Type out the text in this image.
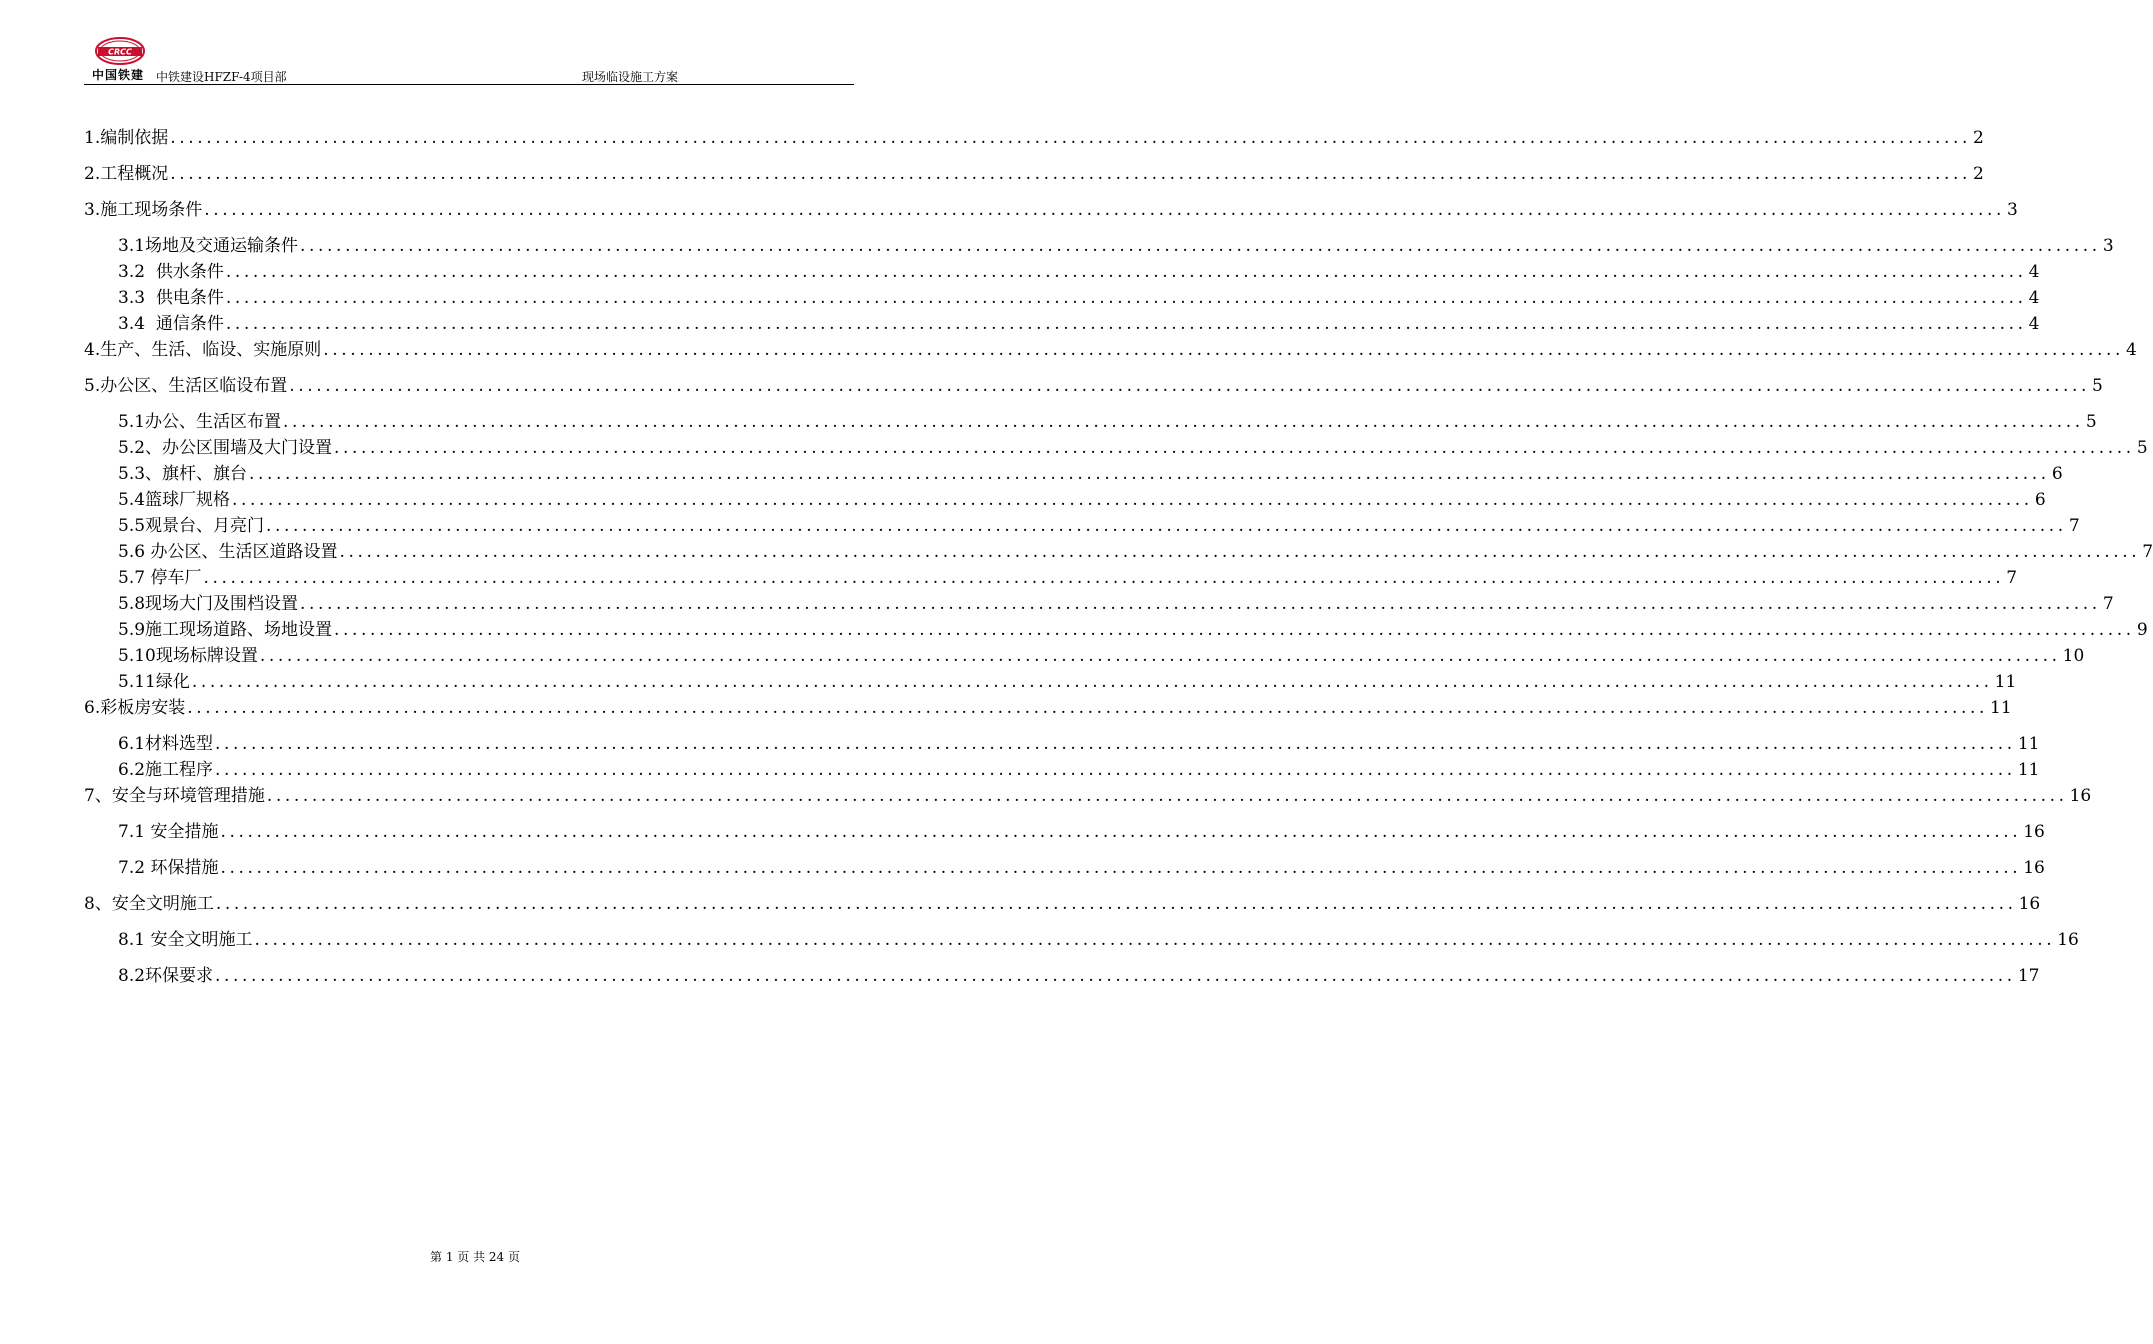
CRCC
中国铁建 中铁建设HFZF-4项目部	现场临设施工方案
1.编制依据 ........................................................................................................................................................................................................ 2
2.工程概况 ........................................................................................................................................................................................................ 2
3.施工现场条件 ........................................................................................................................................................................................................ 3
3.1场地及交通运输条件 ........................................................................................................................................................................................................ 3
3.2  供水条件 ........................................................................................................................................................................................................ 4
3.3  供电条件 ........................................................................................................................................................................................................ 4
3.4  通信条件 ........................................................................................................................................................................................................ 4
4.生产、生活、临设、实施原则 ........................................................................................................................................................................................................ 4
5.办公区、生活区临设布置 ........................................................................................................................................................................................................ 5
5.1办公、生活区布置 ........................................................................................................................................................................................................ 5
5.2、办公区围墙及大门设置 ........................................................................................................................................................................................................ 5
5.3、旗杆、旗台 ........................................................................................................................................................................................................ 6
5.4篮球厂规格 ........................................................................................................................................................................................................ 6
5.5观景台、月亮门 ........................................................................................................................................................................................................ 7
5.6 办公区、生活区道路设置 ........................................................................................................................................................................................................ 7
5.7 停车厂 ........................................................................................................................................................................................................ 7
5.8现场大门及围档设置 ........................................................................................................................................................................................................ 7
5.9施工现场道路、场地设置 ........................................................................................................................................................................................................ 9
5.10现场标牌设置 ........................................................................................................................................................................................................ 10
5.11绿化 ........................................................................................................................................................................................................ 11
6.彩板房安装 ........................................................................................................................................................................................................ 11
6.1材料选型 ........................................................................................................................................................................................................ 11
6.2施工程序 ........................................................................................................................................................................................................ 11
7、安全与环境管理措施 ........................................................................................................................................................................................................ 16
7.1 安全措施 ........................................................................................................................................................................................................ 16
7.2 环保措施 ........................................................................................................................................................................................................ 16
8、安全文明施工 ........................................................................................................................................................................................................ 16
8.1 安全文明施工 ........................................................................................................................................................................................................ 16
8.2环保要求 ........................................................................................................................................................................................................ 17
第 1 页 共 24 页
